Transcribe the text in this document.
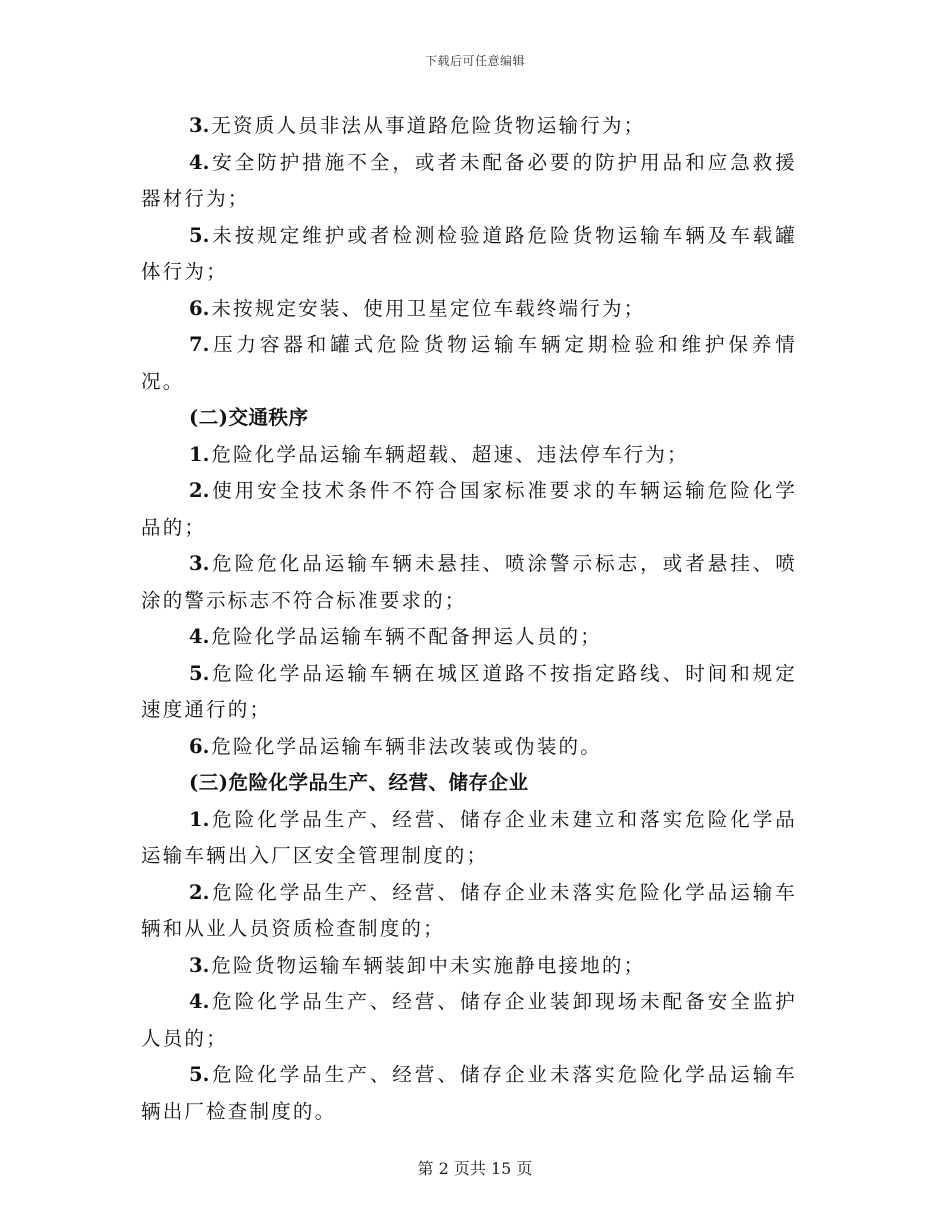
下载后可任意编辑

3. 无资质人员非法从事道路危险货物运输行为；

4. 安全防护措施不全，或者未配备必要的防护用品和应急救援器材行为；

5. 未按规定维护或者检测检验道路危险货物运输车辆及车载罐体行为；

6. 未按规定安装、使用卫星定位车载终端行为；

7. 压力容器和罐式危险货物运输车辆定期检验和维护保养情况。

(二)交通秩序

1. 危险化学品运输车辆超载、超速、违法停车行为；

2. 使用安全技术条件不符合国家标准要求的车辆运输危险化学品的；

3. 危险危化品运输车辆未悬挂、喷涂警示标志，或者悬挂、喷涂的警示标志不符合标准要求的；

4. 危险化学品运输车辆不配备押运人员的；

5. 危险化学品运输车辆在城区道路不按指定路线、时间和规定速度通行的；

6. 危险化学品运输车辆非法改装或伪装的。

(三)危险化学品生产、经营、储存企业

1. 危险化学品生产、经营、储存企业未建立和落实危险化学品运输车辆出入厂区安全管理制度的；

2. 危险化学品生产、经营、储存企业未落实危险化学品运输车辆和从业人员资质检查制度的；

3. 危险货物运输车辆装卸中未实施静电接地的；

4. 危险化学品生产、经营、储存企业装卸现场未配备安全监护人员的；

5. 危险化学品生产、经营、储存企业未落实危险化学品运输车辆出厂检查制度的。

第 2 页共 15 页
